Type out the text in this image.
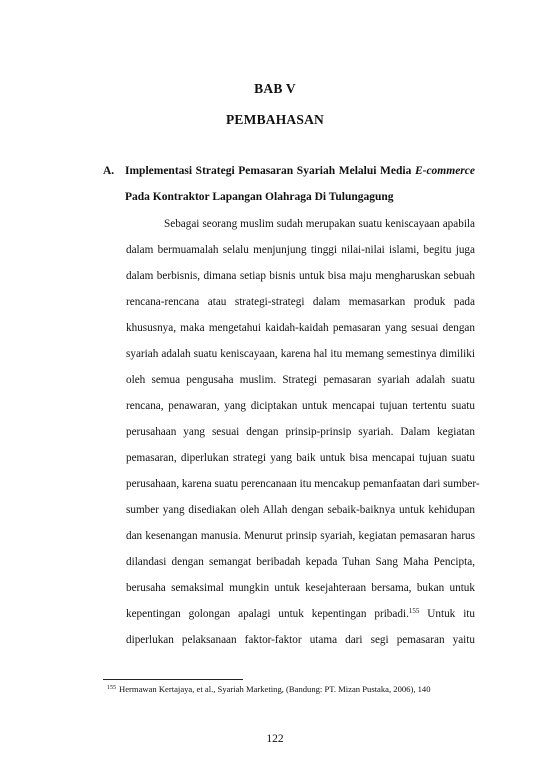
BAB V
PEMBAHASAN
A. Implementasi Strategi Pemasaran Syariah Melalui Media E-commerce
Pada Kontraktor Lapangan Olahraga Di Tulungagung
Sebagai seorang muslim sudah merupakan suatu keniscayaan apabila
dalam bermuamalah selalu menjunjung tinggi nilai-nilai islami, begitu juga
dalam berbisnis, dimana setiap bisnis untuk bisa maju mengharuskan sebuah
rencana-rencana atau strategi-strategi dalam memasarkan produk pada
khususnya, maka mengetahui kaidah-kaidah pemasaran yang sesuai dengan
syariah adalah suatu keniscayaan, karena hal itu memang semestinya dimiliki
oleh semua pengusaha muslim. Strategi pemasaran syariah adalah suatu
rencana, penawaran, yang diciptakan untuk mencapai tujuan tertentu suatu
perusahaan yang sesuai dengan prinsip-prinsip syariah. Dalam kegiatan
pemasaran, diperlukan strategi yang baik untuk bisa mencapai tujuan suatu
perusahaan, karena suatu perencanaan itu mencakup pemanfaatan dari sumber-
sumber yang disediakan oleh Allah dengan sebaik-baiknya untuk kehidupan
dan kesenangan manusia. Menurut prinsip syariah, kegiatan pemasaran harus
dilandasi dengan semangat beribadah kepada Tuhan Sang Maha Pencipta,
berusaha semaksimal mungkin untuk kesejahteraan bersama, bukan untuk
kepentingan golongan apalagi untuk kepentingan pribadi.$^{155}$ Untuk itu
diperlukan pelaksanaan faktor-faktor utama dari segi pemasaran yaitu
$^{155}$ Hermawan Kertajaya, et al., Syariah Marketing, (Bandung: PT. Mizan Pustaka, 2006), 140
122
